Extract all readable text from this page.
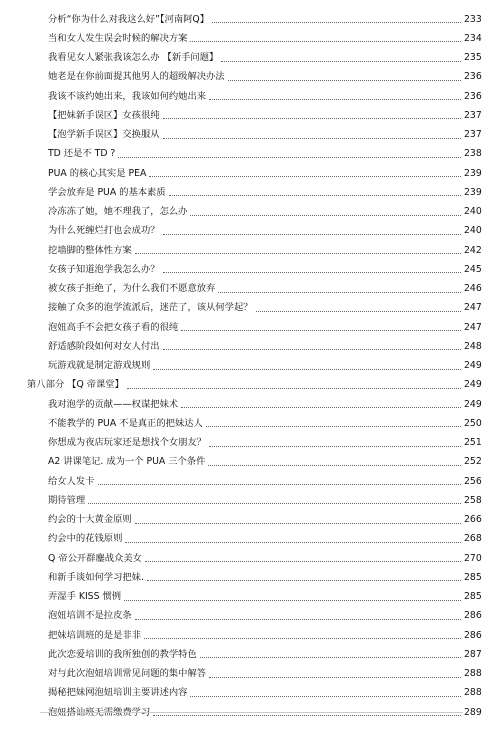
分析“你为什么对我这么好”【河南阿Q】	233
当和女人发生误会时候的解决方案	234
我看见女人紧张我该怎么办 【新手问题】	235
她老是在你前面提其他男人的超级解决办法	236
我该不该约她出来，我该如何约她出来	236
【把妹新手误区】女孩很纯	237
【泡学新手误区】交换服从	237
TD 还是不 TD ?	238
PUA 的核心其实是 PEA	239
学会放弃是 PUA 的基本素质	239
冷冻冻了她，她不理我了，怎么办	240
为什么死缠烂打也会成功？	240
挖墙脚的整体性方案	242
女孩子知道泡学我怎么办？	245
被女孩子拒绝了，为什么我们不愿意放弃	246
接触了众多的泡学流派后，迷茫了，该从何学起？	247
泡妞高手不会把女孩子看的很纯	247
舒适感阶段如何对女人付出	248
玩游戏就是制定游戏规则	249
第八部分 【Q 帝课堂】	249
我对泡学的贡献——权谋把妹术	249
不能教学的 PUA 不是真正的把妹达人	250
你想成为夜店玩家还是想找个女朋友？	251
A2 讲课笔记. 成为一个 PUA 三个条件	252
给女人发卡	256
期待管理	258
约会的十大黄金原则	266
约会中的花钱原则	268
Q 帝公开群鏖战众美女	270
和新手谈如何学习把妹.	285
弄湿手 KISS 惯例	285
泡妞培训不是拉皮条	286
把妹培训班的是是非非	286
此次恋爱培训的我所独创的教学特色	287
对与此次泡妞培训常见问题的集中解答	288
揭秘把妹网泡妞培训主要讲述内容	288
泡妞搭讪班无需缴费学习	289
